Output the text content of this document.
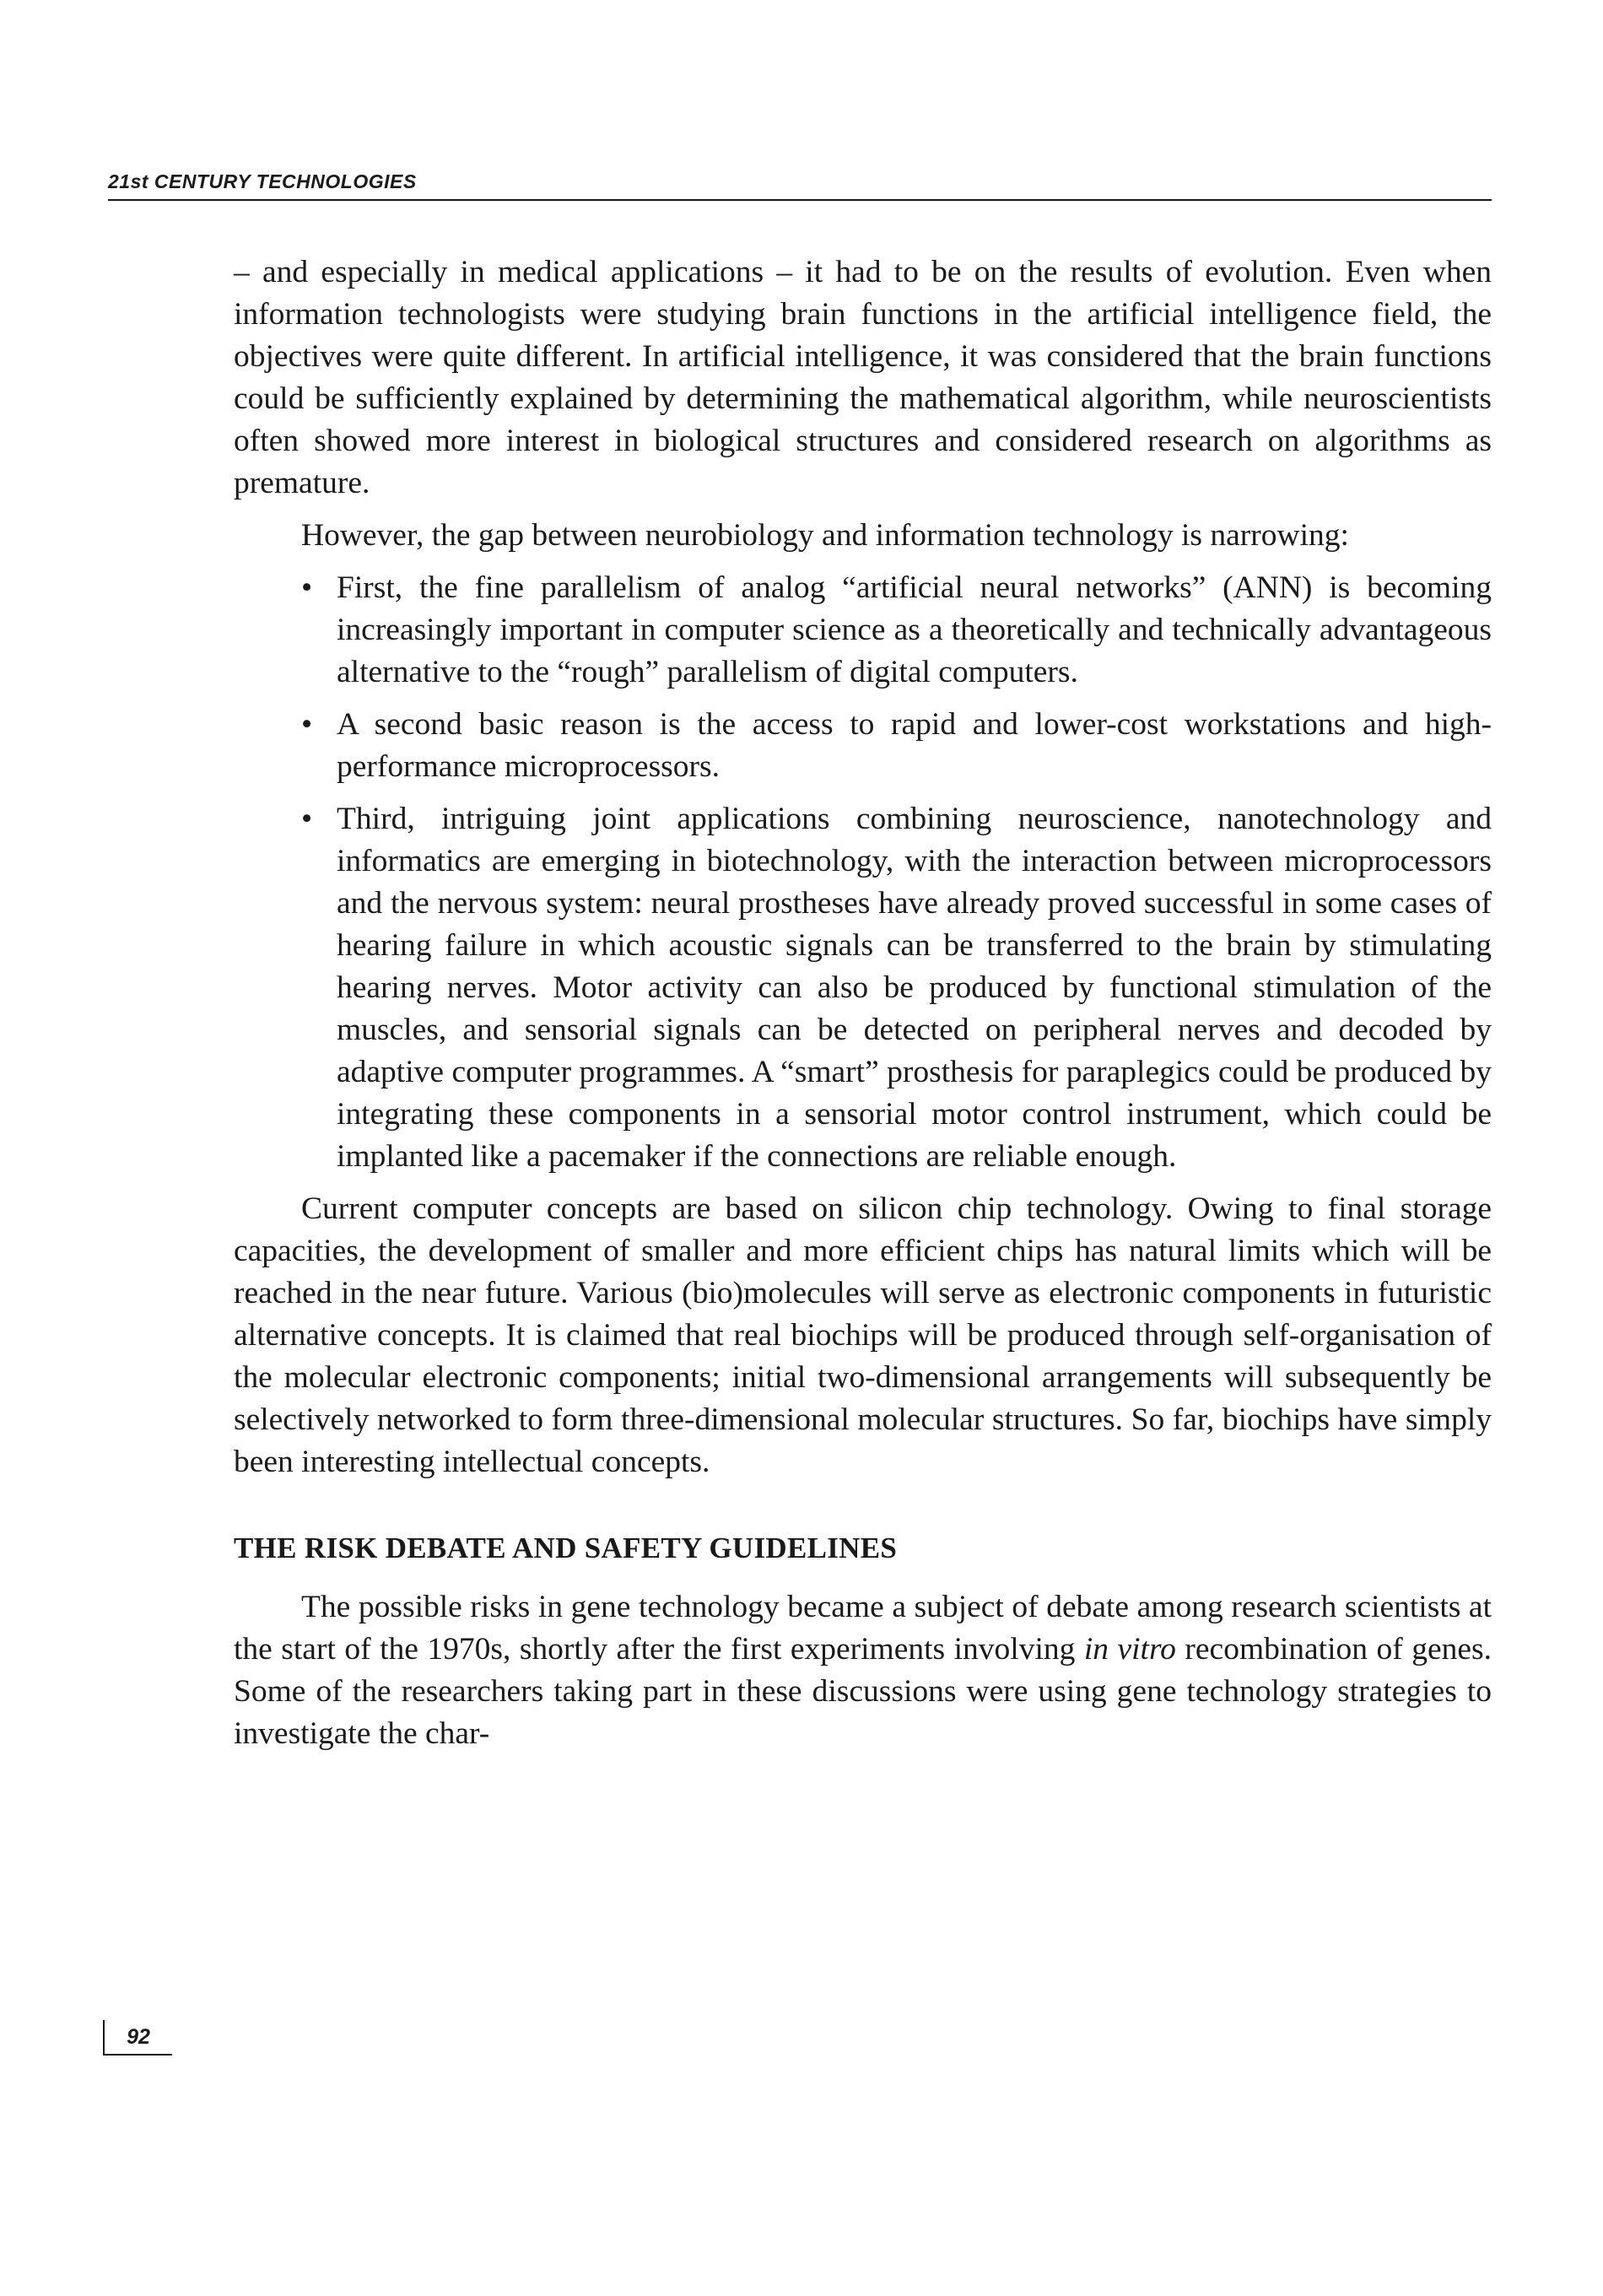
21st CENTURY TECHNOLOGIES

– and especially in medical applications – it had to be on the results of evolution. Even when information technologists were studying brain functions in the artificial intelligence field, the objectives were quite different. In artificial intelligence, it was considered that the brain functions could be sufficiently explained by determining the mathematical algorithm, while neuroscientists often showed more interest in biological structures and considered research on algorithms as premature.

However, the gap between neurobiology and information technology is narrowing:

• First, the fine parallelism of analog “artificial neural networks” (ANN) is becoming increasingly important in computer science as a theoretically and technically advantageous alternative to the “rough” parallelism of digital computers.
• A second basic reason is the access to rapid and lower-cost workstations and high-performance microprocessors.
• Third, intriguing joint applications combining neuroscience, nanotechnology and informatics are emerging in biotechnology, with the interaction between microprocessors and the nervous system: neural prostheses have already proved successful in some cases of hearing failure in which acoustic signals can be transferred to the brain by stimulating hearing nerves. Motor activity can also be produced by functional stimulation of the muscles, and sensorial signals can be detected on peripheral nerves and decoded by adaptive computer programmes. A “smart” prosthesis for paraplegics could be produced by integrating these components in a sensorial motor control instrument, which could be implanted like a pacemaker if the connections are reliable enough.

Current computer concepts are based on silicon chip technology. Owing to final storage capacities, the development of smaller and more efficient chips has natural limits which will be reached in the near future. Various (bio)molecules will serve as electronic components in futuristic alternative concepts. It is claimed that real biochips will be produced through self-organisation of the molecular electronic components; initial two-dimensional arrangements will subsequently be selectively networked to form three-dimensional molecular structures. So far, biochips have simply been interesting intellectual concepts.

THE RISK DEBATE AND SAFETY GUIDELINES

The possible risks in gene technology became a subject of debate among research scientists at the start of the 1970s, shortly after the first experiments involving in vitro recombination of genes. Some of the researchers taking part in these discussions were using gene technology strategies to investigate the char-

92
